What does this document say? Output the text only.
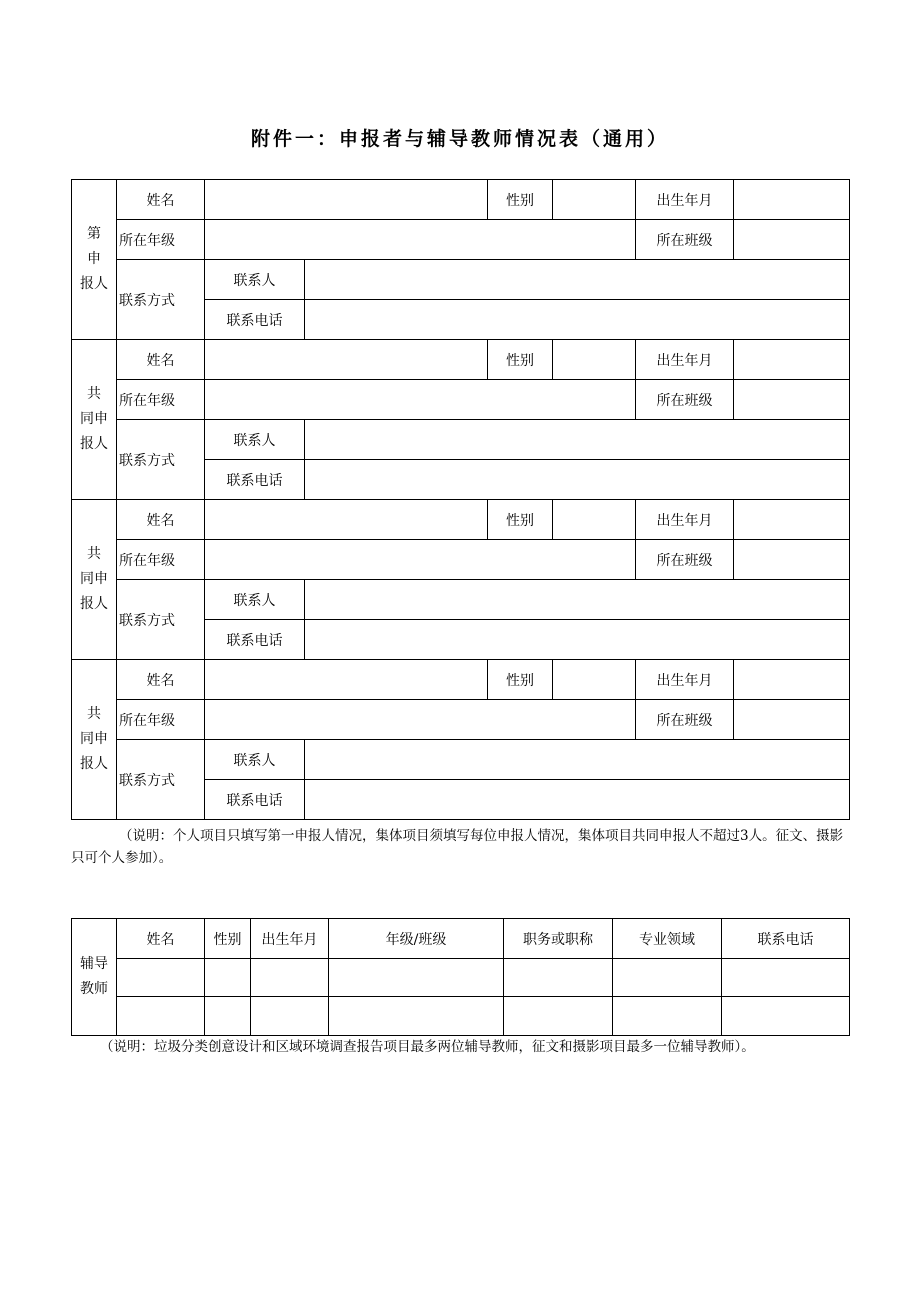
附件一：申报者与辅导教师情况表（通用）
第
申
报人	姓名			性别		出生年月	
	所在年级					所在班级	
	联系方式	联系人					
		联系电话					

共
同申
报人	姓名			性别		出生年月	
	所在年级					所在班级	
	联系方式	联系人					
		联系电话					

共
同申
报人	姓名			性别		出生年月	
	所在年级					所在班级	
	联系方式	联系人					
		联系电话					

共
同申
报人	姓名			性别		出生年月	
	所在年级					所在班级	
	联系方式	联系人					
		联系电话					
（说明：个人项目只填写第一申报人情况，集体项目须填写每位申报人情况，集体项目共同申报人不超过3人。征文、摄影只可个人参加）。
辅导
教师	姓名	性别	出生年月	年级/班级	职务或职称	专业领域	联系电话

（说明：垃圾分类创意设计和区域环境调查报告项目最多两位辅导教师，征文和摄影项目最多一位辅导教师）。
